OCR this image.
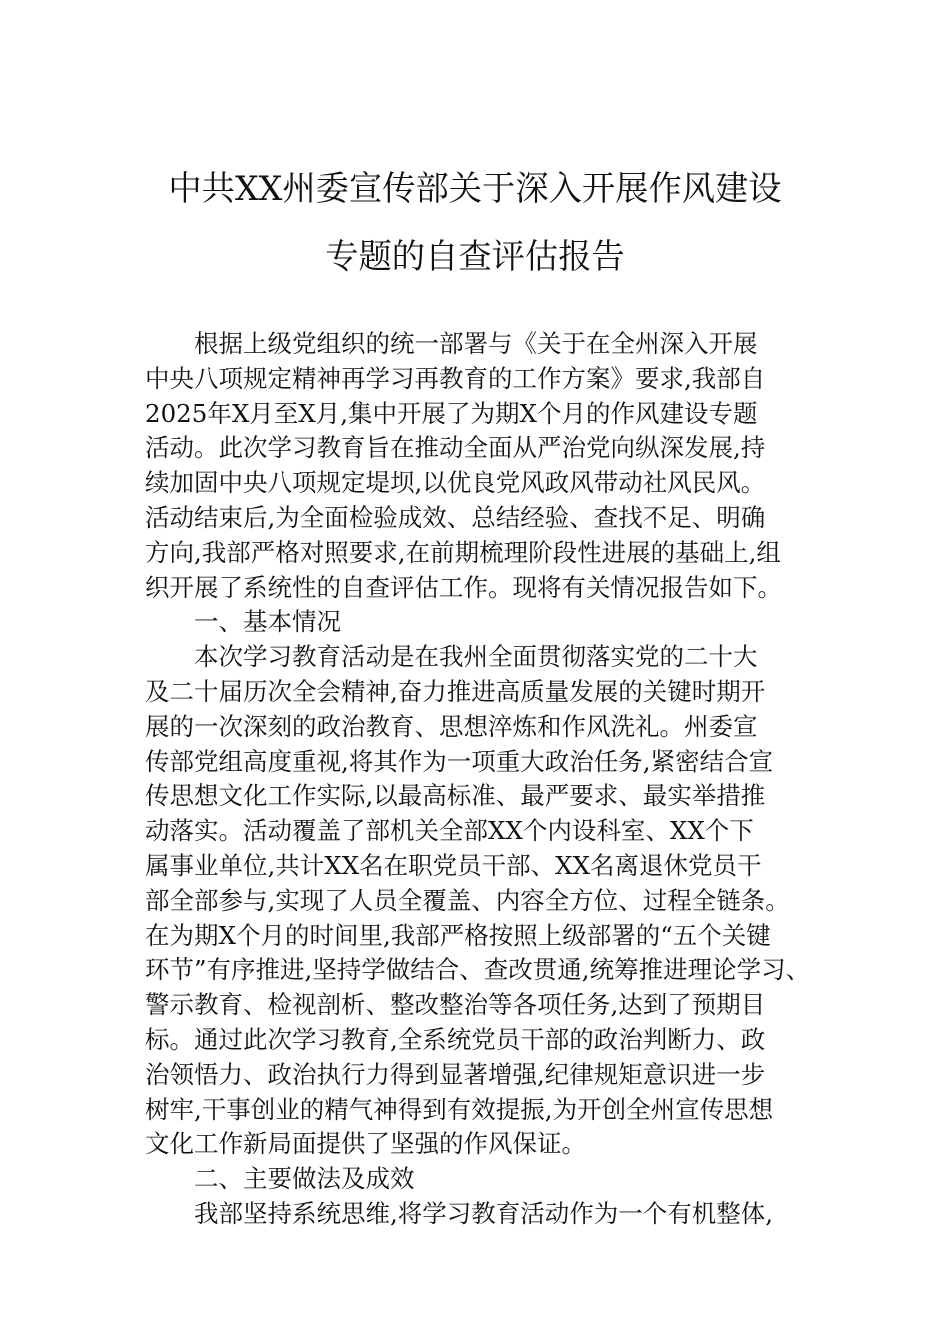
中共XX州委宣传部关于深入开展作风建设
专题的自查评估报告
根据上级党组织的统一部署与《关于在全州深入开展
中央八项规定精神再学习再教育的工作方案》要求,我部自
2025年X月至X月,集中开展了为期X个月的作风建设专题
活动。此次学习教育旨在推动全面从严治党向纵深发展,持
续加固中央八项规定堤坝,以优良党风政风带动社风民风。
活动结束后,为全面检验成效、总结经验、查找不足、明确
方向,我部严格对照要求,在前期梳理阶段性进展的基础上,组
织开展了系统性的自查评估工作。现将有关情况报告如下。
一、基本情况
本次学习教育活动是在我州全面贯彻落实党的二十大
及二十届历次全会精神,奋力推进高质量发展的关键时期开
展的一次深刻的政治教育、思想淬炼和作风洗礼。州委宣
传部党组高度重视,将其作为一项重大政治任务,紧密结合宣
传思想文化工作实际,以最高标准、最严要求、最实举措推
动落实。活动覆盖了部机关全部XX个内设科室、XX个下
属事业单位,共计XX名在职党员干部、XX名离退休党员干
部全部参与,实现了人员全覆盖、内容全方位、过程全链条。
在为期X个月的时间里,我部严格按照上级部署的“五个关键
环节”有序推进,坚持学做结合、查改贯通,统筹推进理论学习、
警示教育、检视剖析、整改整治等各项任务,达到了预期目
标。通过此次学习教育,全系统党员干部的政治判断力、政
治领悟力、政治执行力得到显著增强,纪律规矩意识进一步
树牢,干事创业的精气神得到有效提振,为开创全州宣传思想
文化工作新局面提供了坚强的作风保证。
二、主要做法及成效
我部坚持系统思维,将学习教育活动作为一个有机整体,
